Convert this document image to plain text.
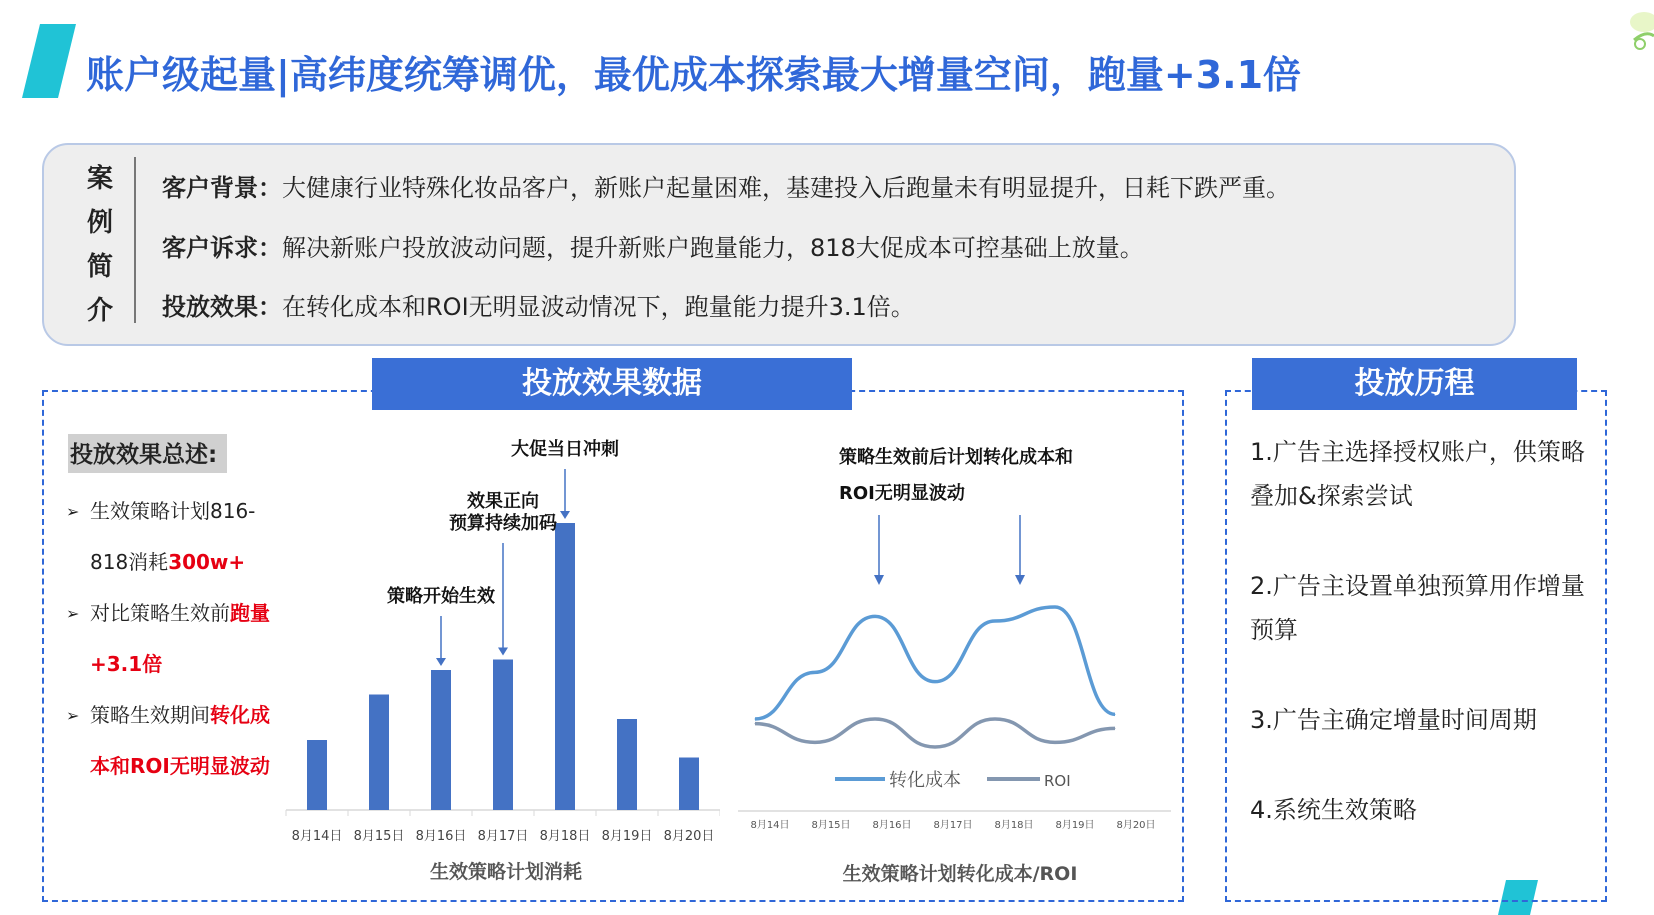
账户级起量|高纬度统筹调优，最优成本探索最大增量空间，跑量+3.1倍
案
例
简
介
客户背景：大健康行业特殊化妆品客户，新账户起量困难，基建投入后跑量未有明显提升，日耗下跌严重。
客户诉求：解决新账户投放波动问题，提升新账户跑量能力，818大促成本可控基础上放量。
投放效果：在转化成本和ROI无明显波动情况下，跑量能力提升3.1倍。
投放效果数据
投放效果总述:
➢ 生效策略计划816-818消耗300w+
➢ 对比策略生效前跑量+3.1倍
➢ 策略生效期间转化成本和ROI无明显波动
8月14日 8月15日 8月16日 8月17日 8月18日 8月19日 8月20日
生效策略计划消耗
策略开始生效
效果正向
预算持续加码
大促当日冲刺
转化成本	ROI
8月14日 8月15日 8月16日 8月17日 8月18日 8月19日 8月20日
生效策略计划转化成本/ROI
策略生效前后计划转化成本和
ROI无明显波动
投放历程
1.广告主选择授权账户，供策略叠加&探索尝试
2.广告主设置单独预算用作增量预算
3.广告主确定增量时间周期
4.系统生效策略
